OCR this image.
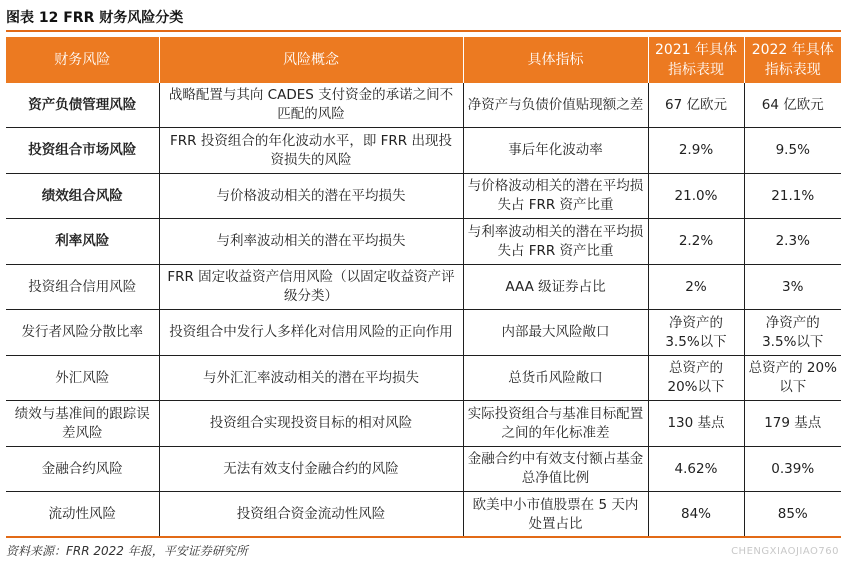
图表 12 FRR 财务风险分类
财务风险	风险概念	具体指标	2021 年具体指标表现	2022 年具体指标表现
资产负债管理风险	战略配置与其向 CADES 支付资金的承诺之间不匹配的风险	净资产与负债价值贴现额之差	67 亿欧元	64 亿欧元
投资组合市场风险	FRR 投资组合的年化波动水平，即 FRR 出现投资损失的风险	事后年化波动率	2.9%	9.5%
绩效组合风险	与价格波动相关的潜在平均损失	与价格波动相关的潜在平均损失占 FRR 资产比重	21.0%	21.1%
利率风险	与利率波动相关的潜在平均损失	与利率波动相关的潜在平均损失占 FRR 资产比重	2.2%	2.3%
投资组合信用风险	FRR 固定收益资产信用风险（以固定收益资产评级分类）	AAA 级证券占比	2%	3%
发行者风险分散比率	投资组合中发行人多样化对信用风险的正向作用	内部最大风险敞口	净资产的 3.5%以下	净资产的 3.5%以下
外汇风险	与外汇汇率波动相关的潜在平均损失	总货币风险敞口	总资产的 20%以下	总资产的 20%以下
绩效与基准间的跟踪误差风险	投资组合实现投资目标的相对风险	实际投资组合与基准目标配置之间的年化标准差	130 基点	179 基点
金融合约风险	无法有效支付金融合约的风险	金融合约中有效支付额占基金总净值比例	4.62%	0.39%
流动性风险	投资组合资金流动性风险	欧美中小市值股票在 5 天内处置占比	84%	85%
资料来源：FRR 2022 年报，平安证券研究所	CHENGXIAOJIAO760
